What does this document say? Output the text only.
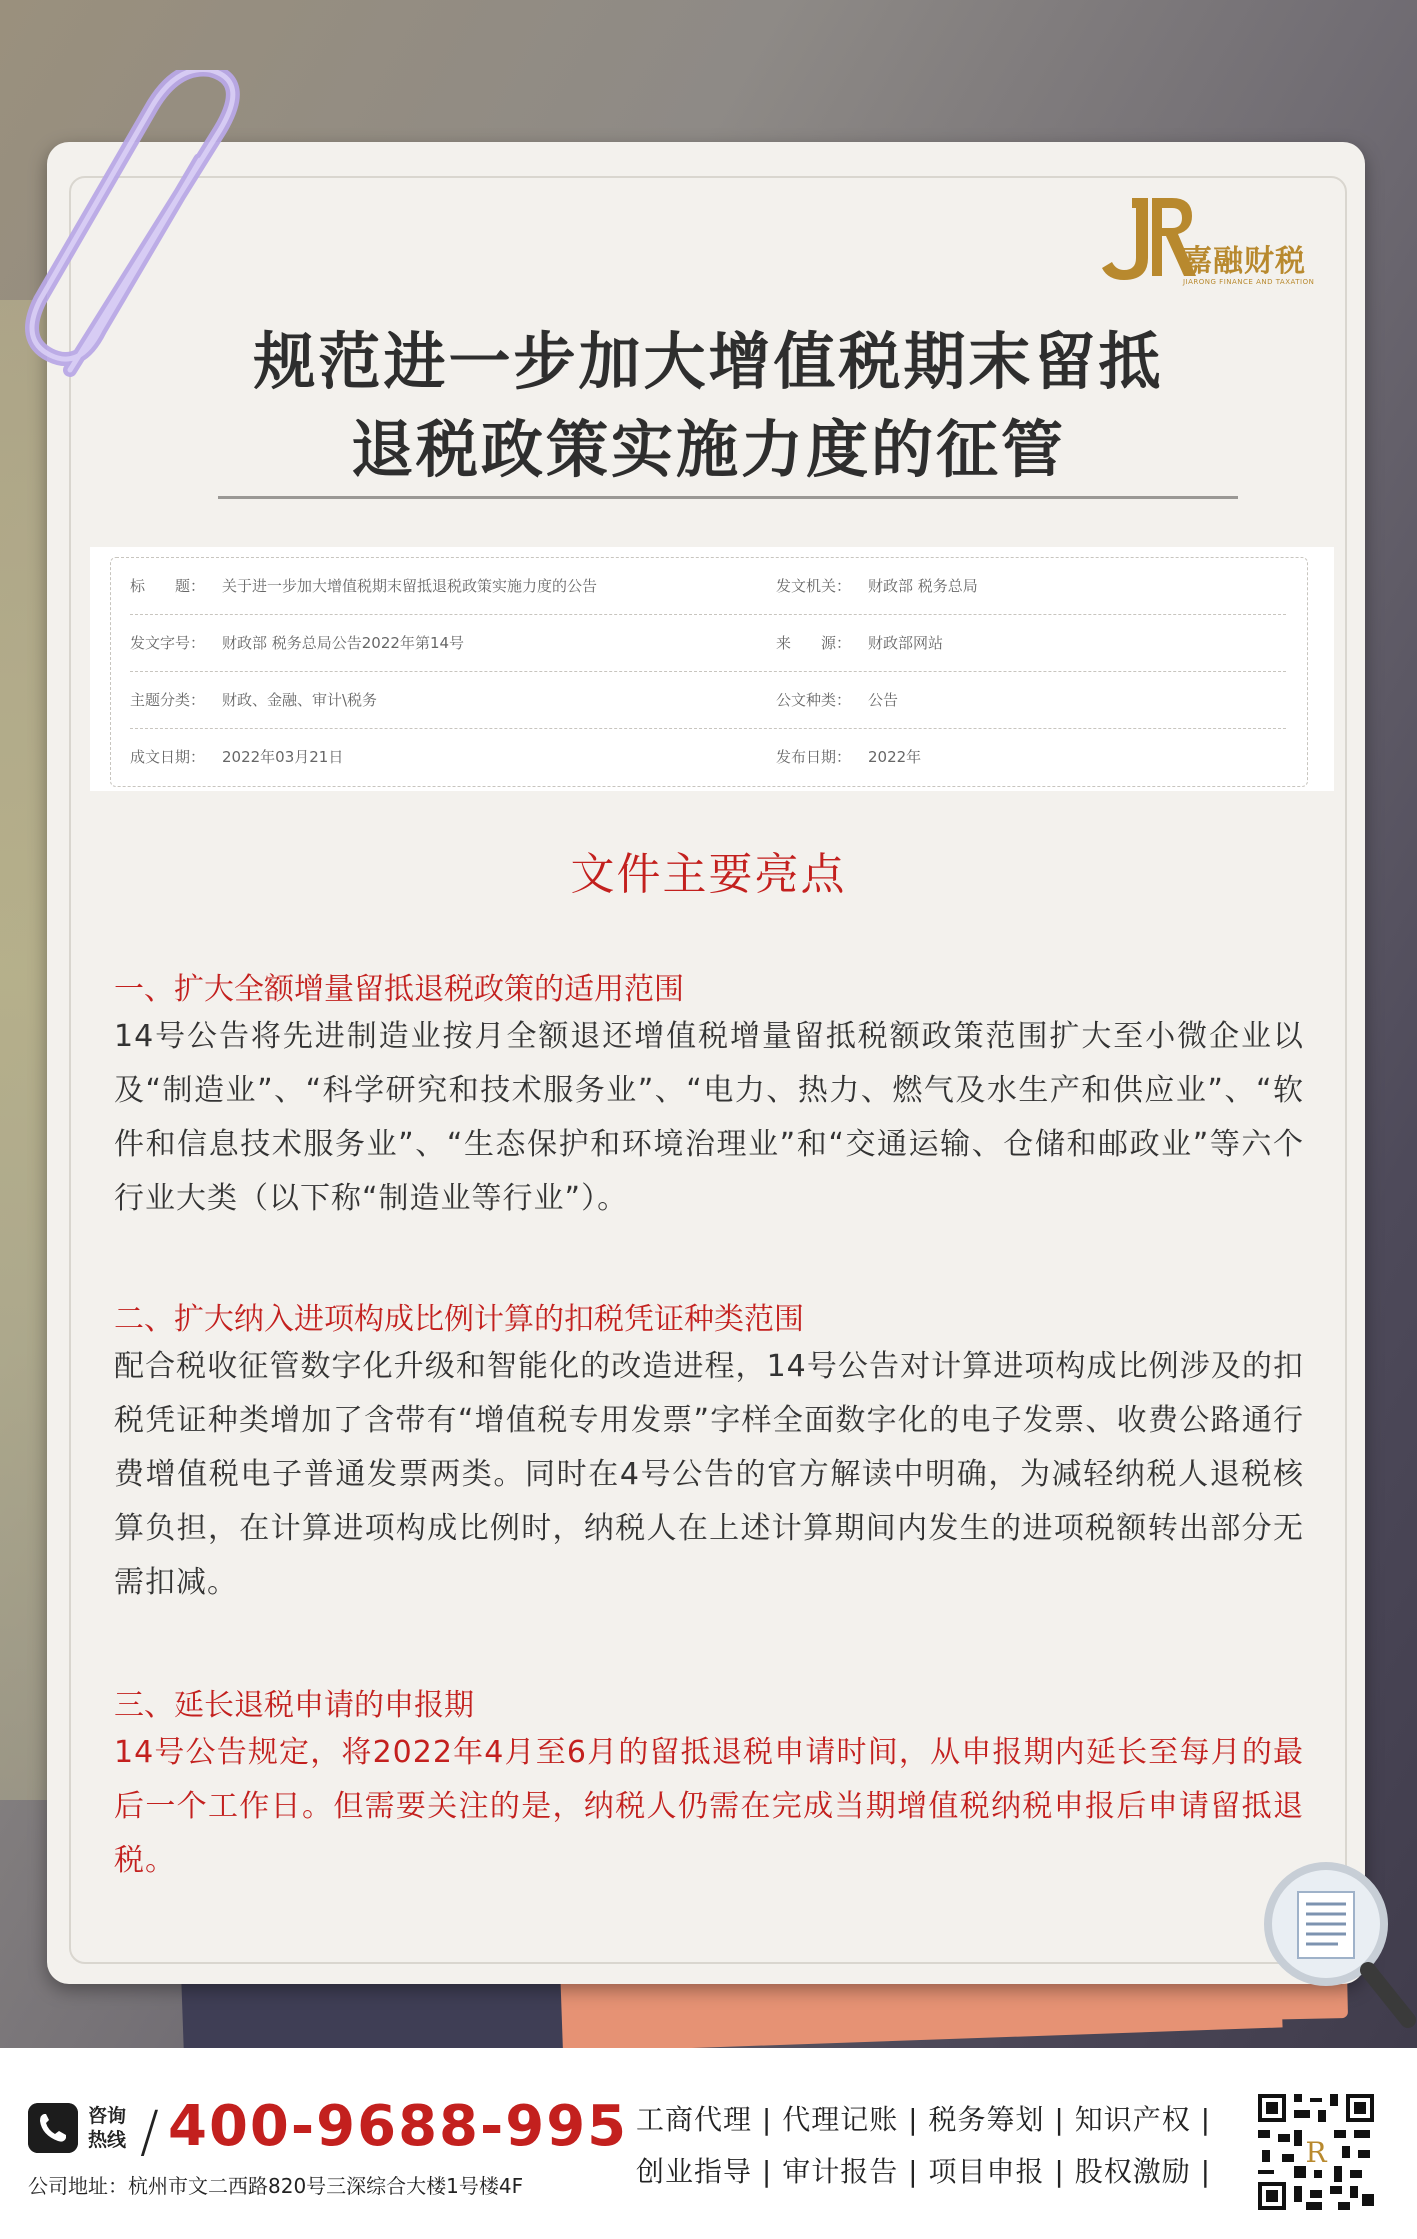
嘉融财税
JIARONG FINANCE AND TAXATION
规范进一步加大增值税期末留抵
退税政策实施力度的征管
标　　题：	关于进一步加大增值税期末留抵退税政策实施力度的公告	发文机关：	财政部 税务总局
发文字号：	财政部 税务总局公告2022年第14号	来　　源：	财政部网站
主题分类：	财政、金融、审计\税务	公文种类：	公告
成文日期：	2022年03月21日	发布日期：	2022年
文件主要亮点
一、扩大全额增量留抵退税政策的适用范围
14号公告将先进制造业按月全额退还增值税增量留抵税额政策范围扩大至小微企业以及“制造业”、“科学研究和技术服务业”、“电力、热力、燃气及水生产和供应业”、“软件和信息技术服务业”、“生态保护和环境治理业”和“交通运输、仓储和邮政业”等六个行业大类（以下称“制造业等行业”）。
二、扩大纳入进项构成比例计算的扣税凭证种类范围
配合税收征管数字化升级和智能化的改造进程，14号公告对计算进项构成比例涉及的扣税凭证种类增加了含带有“增值税专用发票”字样全面数字化的电子发票、收费公路通行费增值税电子普通发票两类。同时在4号公告的官方解读中明确，为减轻纳税人退税核算负担，在计算进项构成比例时，纳税人在上述计算期间内发生的进项税额转出部分无需扣减。
三、延长退税申请的申报期
14号公告规定，将2022年4月至6月的留抵退税申请时间，从申报期内延长至每月的最后一个工作日。但需要关注的是，纳税人仍需在完成当期增值税纳税申报后申请留抵退税。
咨询
热线 / 400-9688-995
公司地址：杭州市文二西路820号三深综合大楼1号楼4F
工商代理 | 代理记账 | 税务筹划 | 知识产权 |
创业指导 | 审计报告 | 项目申报 | 股权激励 |
R
